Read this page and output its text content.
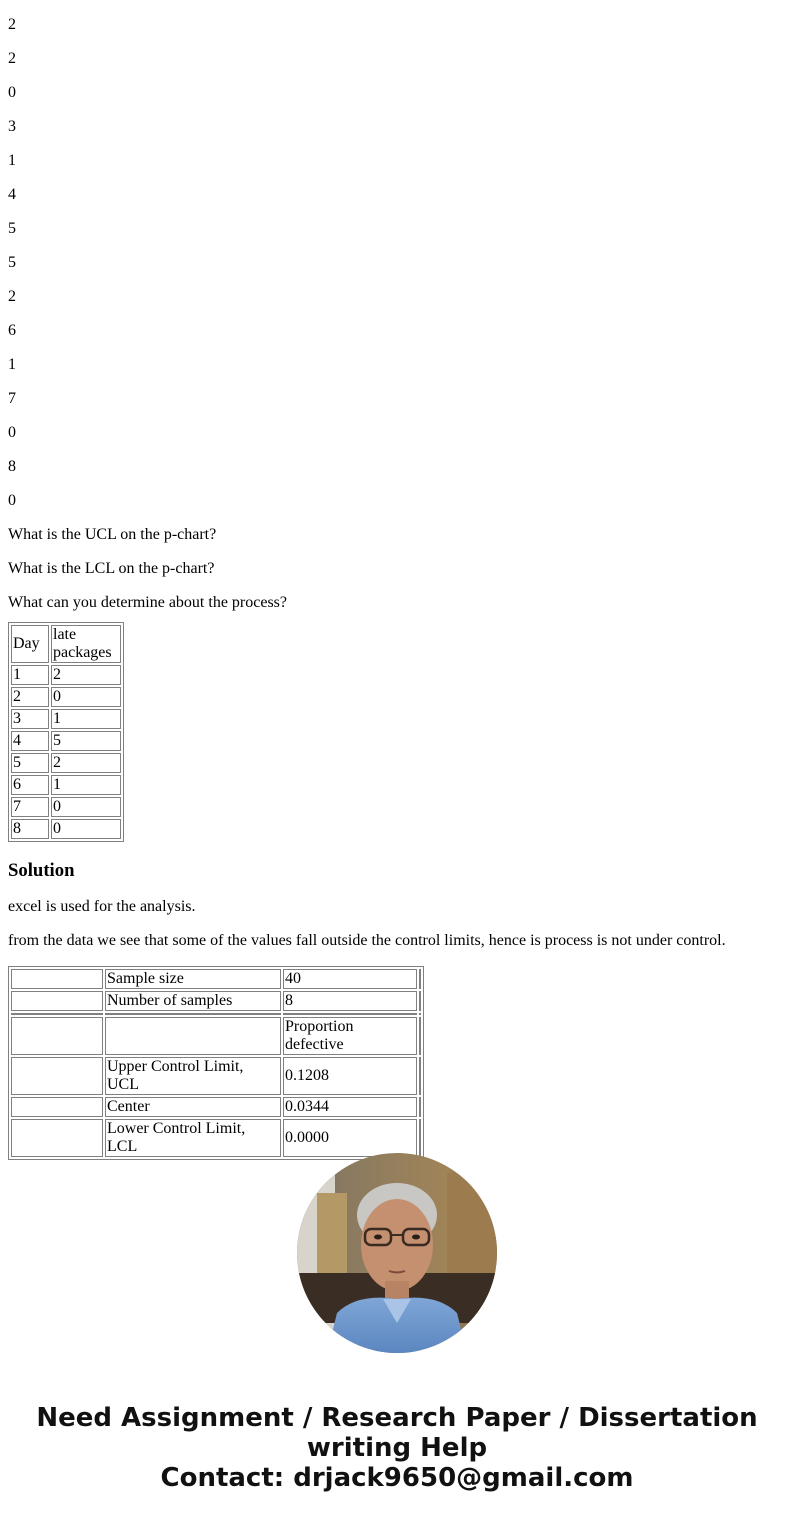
2

2

0

3

1

4

5

5

2

6

1

7

0

8

0

What is the UCL on the p-chart?

What is the LCL on the p-chart?

What can you determine about the process?

Day	late packages
1	2
2	0
3	1
4	5
5	2
6	1
7	0
8	0
Solution

excel is used for the analysis.

from the data we see that some of the values fall outside the control limits, hence is process is not under control.

	Sample size	40	
	Number of samples	8	

		Proportion defective	
	Upper Control Limit, UCL	0.1208	
	Center	0.0344	
	Lower Control Limit, LCL	0.0000	
Need Assignment / Research Paper / Dissertation
writing Help
Contact: drjack9650@gmail.com
